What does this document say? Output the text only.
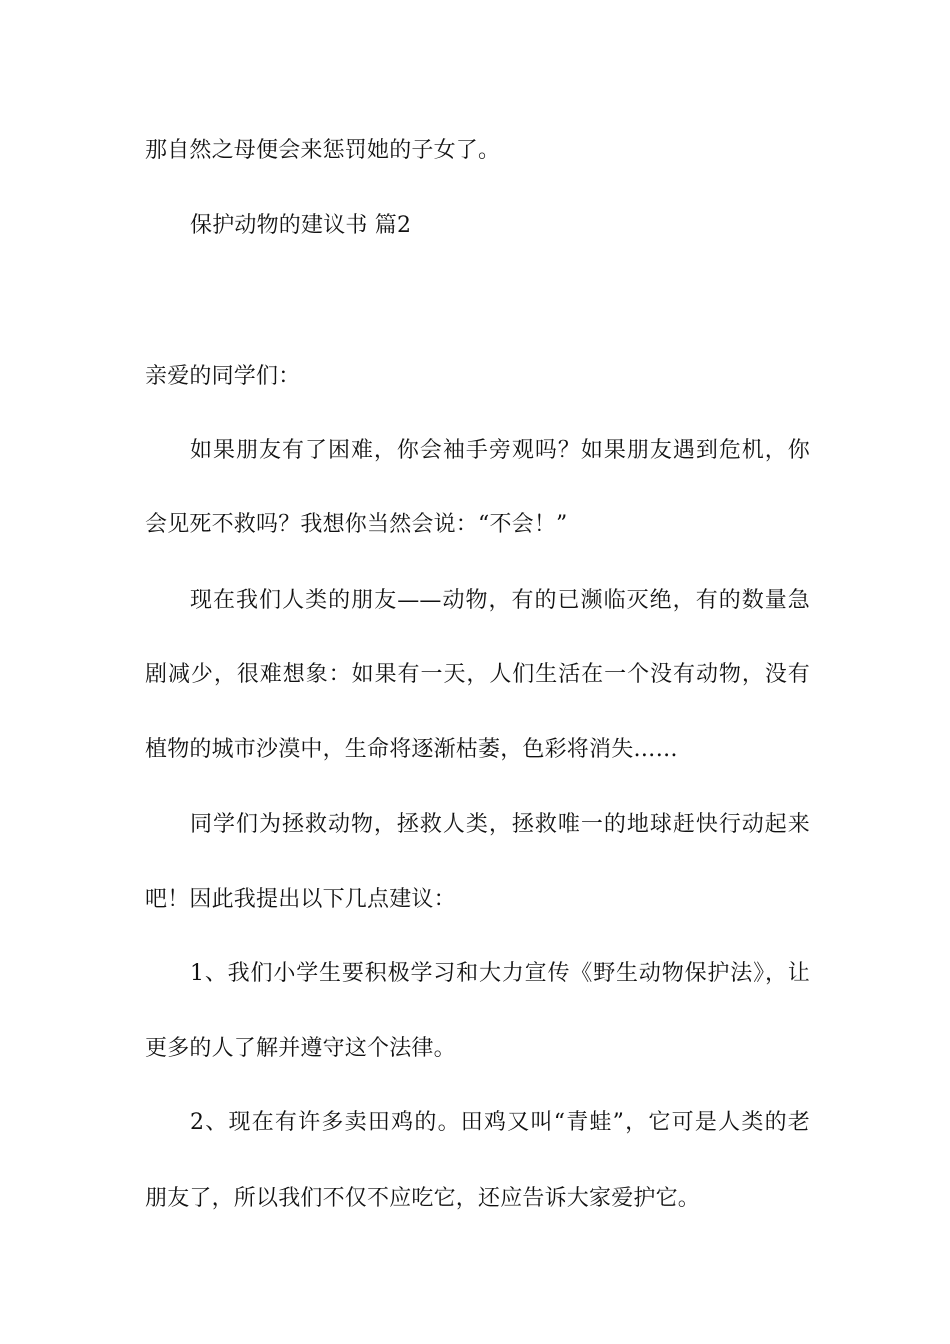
那自然之母便会来惩罚她的子女了。
保护动物的建议书 篇2
亲爱的同学们：
如果朋友有了困难，你会袖手旁观吗？如果朋友遇到危机，你
会见死不救吗？我想你当然会说：“不会！”
现在我们人类的朋友——动物，有的已濒临灭绝，有的数量急
剧减少，很难想象：如果有一天，人们生活在一个没有动物，没有
植物的城市沙漠中，生命将逐渐枯萎，色彩将消失……
同学们为拯救动物，拯救人类，拯救唯一的地球赶快行动起来
吧！因此我提出以下几点建议：
1、我们小学生要积极学习和大力宣传《野生动物保护法》，让
更多的人了解并遵守这个法律。
2、现在有许多卖田鸡的。田鸡又叫“青蛙”，它可是人类的老
朋友了，所以我们不仅不应吃它，还应告诉大家爱护它。
